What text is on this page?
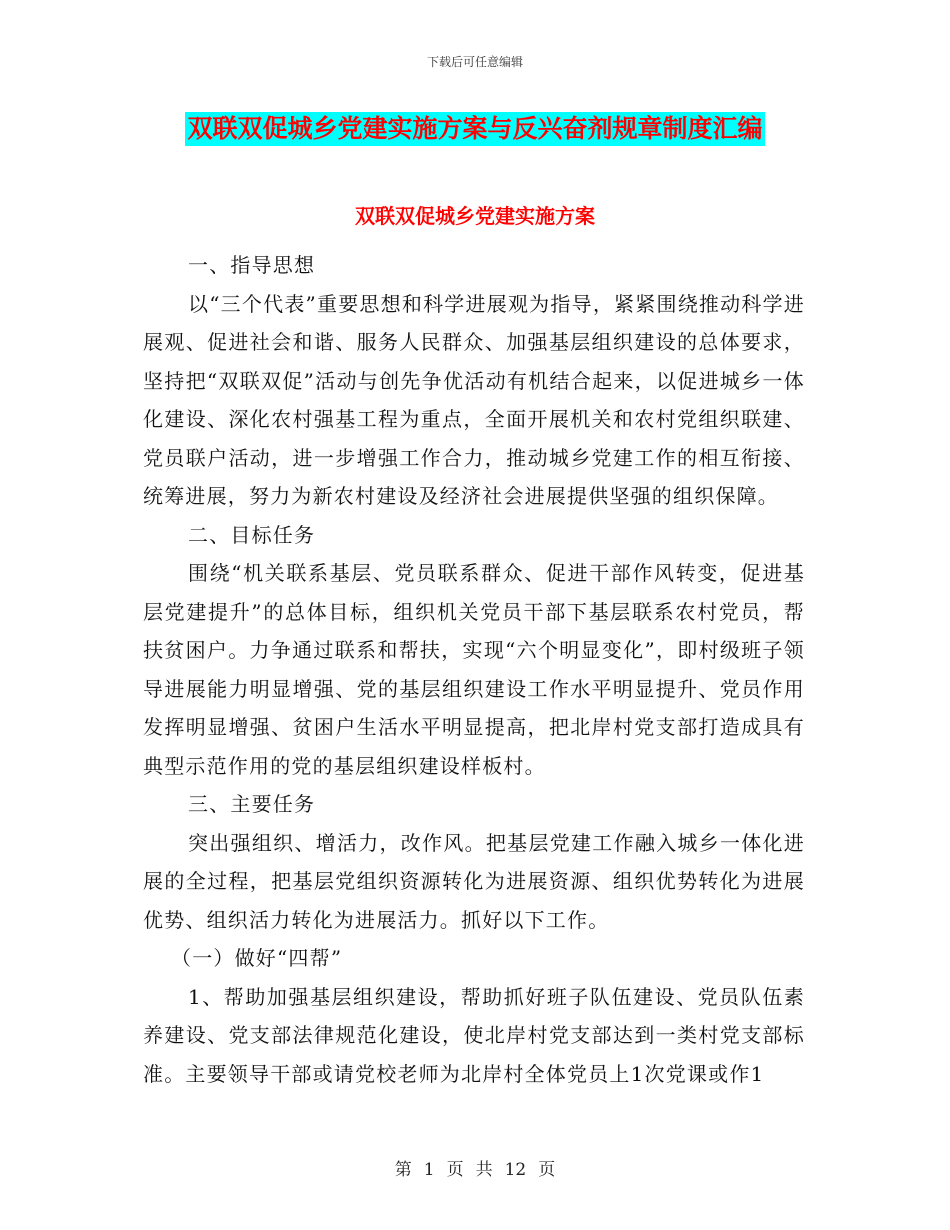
下载后可任意编辑
双联双促城乡党建实施方案与反兴奋剂规章制度汇编
双联双促城乡党建实施方案

一、指导思想

以“三个代表”重要思想和科学进展观为指导，紧紧围绕推动科学进展观、促进社会和谐、服务人民群众、加强基层组织建设的总体要求，坚持把“双联双促”活动与创先争优活动有机结合起来，以促进城乡一体化建设、深化农村强基工程为重点，全面开展机关和农村党组织联建、党员联户活动，进一步增强工作合力，推动城乡党建工作的相互衔接、统筹进展，努力为新农村建设及经济社会进展提供坚强的组织保障。

二、目标任务

围绕“机关联系基层、党员联系群众、促进干部作风转变，促进基层党建提升”的总体目标，组织机关党员干部下基层联系农村党员，帮扶贫困户。力争通过联系和帮扶，实现“六个明显变化”，即村级班子领导进展能力明显增强、党的基层组织建设工作水平明显提升、党员作用发挥明显增强、贫困户生活水平明显提高，把北岸村党支部打造成具有典型示范作用的党的基层组织建设样板村。

三、主要任务

突出强组织、增活力，改作风。把基层党建工作融入城乡一体化进展的全过程，把基层党组织资源转化为进展资源、组织优势转化为进展优势、组织活力转化为进展活力。抓好以下工作。

（一）做好“四帮”

1、帮助加强基层组织建设，帮助抓好班子队伍建设、党员队伍素养建设、党支部法律规范化建设，使北岸村党支部达到一类村党支部标准。主要领导干部或请党校老师为北岸村全体党员上1次党课或作1

第 1 页 共 12 页
